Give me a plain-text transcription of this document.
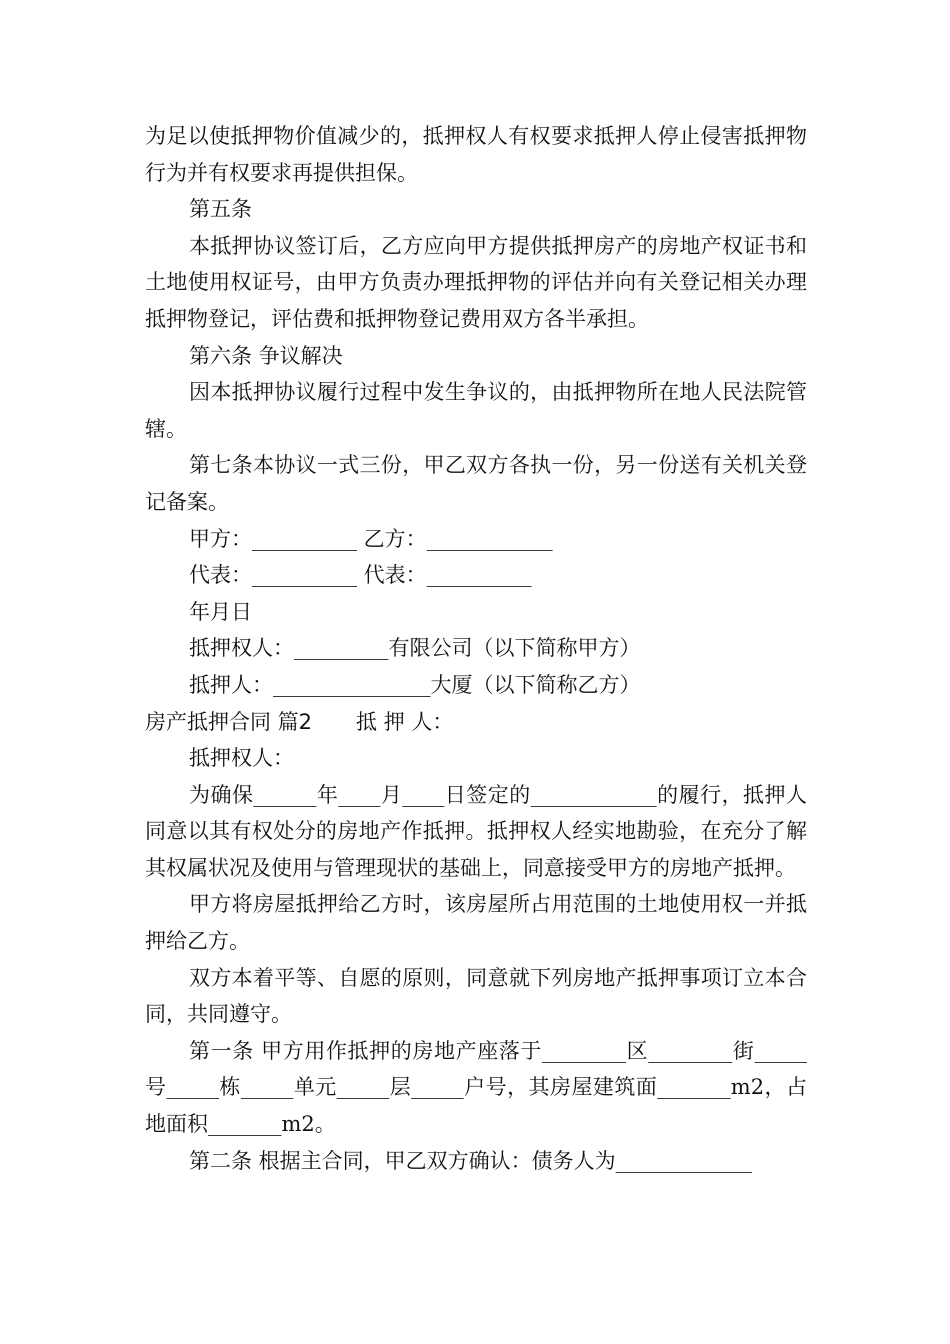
为足以使抵押物价值减少的，抵押权人有权要求抵押人停止侵害抵押物行为并有权要求再提供担保。

第五条

本抵押协议签订后，乙方应向甲方提供抵押房产的房地产权证书和土地使用权证号，由甲方负责办理抵押物的评估并向有关登记相关办理抵押物登记，评估费和抵押物登记费用双方各半承担。

第六条 争议解决

因本抵押协议履行过程中发生争议的，由抵押物所在地人民法院管辖。

第七条本协议一式三份，甲乙双方各执一份，另一份送有关机关登记备案。

甲方：__________ 乙方：____________

代表：__________ 代表：__________

年月日

抵押权人：_________有限公司（以下简称甲方）

抵押人：_______________大厦（以下简称乙方）

房产抵押合同 篇2 抵 押 人：

抵押权人：

为确保______年____月____日签定的____________的履行，抵押人同意以其有权处分的房地产作抵押。抵押权人经实地勘验，在充分了解其权属状况及使用与管理现状的基础上，同意接受甲方的房地产抵押。

甲方将房屋抵押给乙方时，该房屋所占用范围的土地使用权一并抵押给乙方。

双方本着平等、自愿的原则，同意就下列房地产抵押事项订立本合同，共同遵守。

第一条 甲方用作抵押的房地产座落于________区________街_____号_____栋_____单元_____层_____户号，其房屋建筑面_______m2，占地面积_______m2。

第二条 根据主合同，甲乙双方确认：债务人为_____________
